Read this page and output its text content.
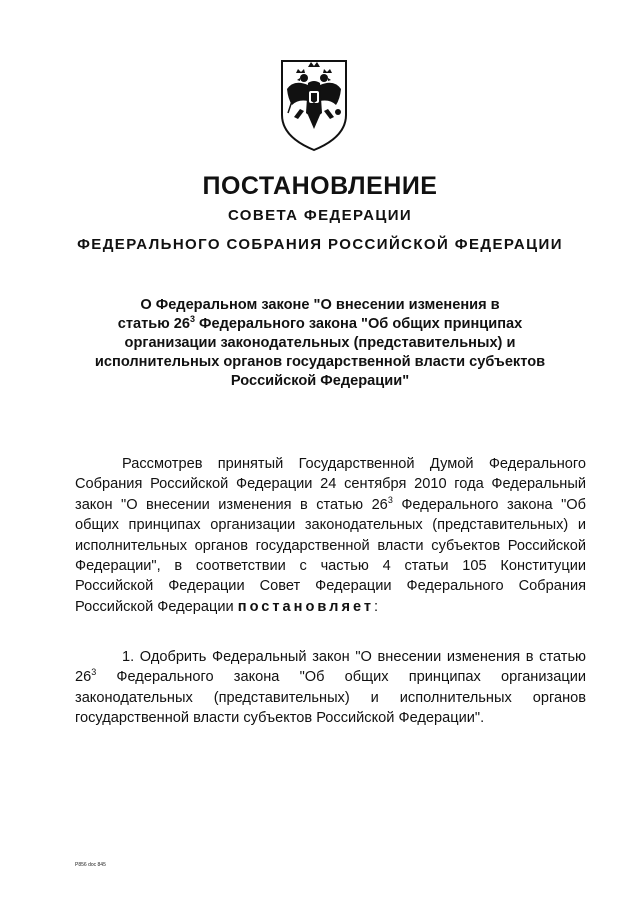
ПОСТАНОВЛЕНИЕ
СОВЕТА ФЕДЕРАЦИИ
ФЕДЕРАЛЬНОГО СОБРАНИЯ РОССИЙСКОЙ ФЕДЕРАЦИИ
О Федеральном законе "О внесении изменения в
статью $26^3$ Федерального закона "Об общих принципах
организации законодательных (представительных) и
исполнительных органов государственной власти субъектов
Российской Федерации"

Рассмотрев принятый Государственной Думой Федерального Собрания Российской Федерации 24 сентября 2010 года Федеральный закон "О внесении изменения в статью $26^3$ Федерального закона "Об общих принципах организации законодательных (представительных) и исполнительных органов государственной власти субъектов Российской Федерации", в соответствии с частью 4 статьи 105 Конституции Российской Федерации Совет Федерации Федерального Собрания Российской Федерации постановляет:

1. Одобрить Федеральный закон "О внесении изменения в статью $26^3$ Федерального закона "Об общих принципах организации законодательных (представительных) и исполнительных органов государственной власти субъектов Российской Федерации".

Р856 doc 845
